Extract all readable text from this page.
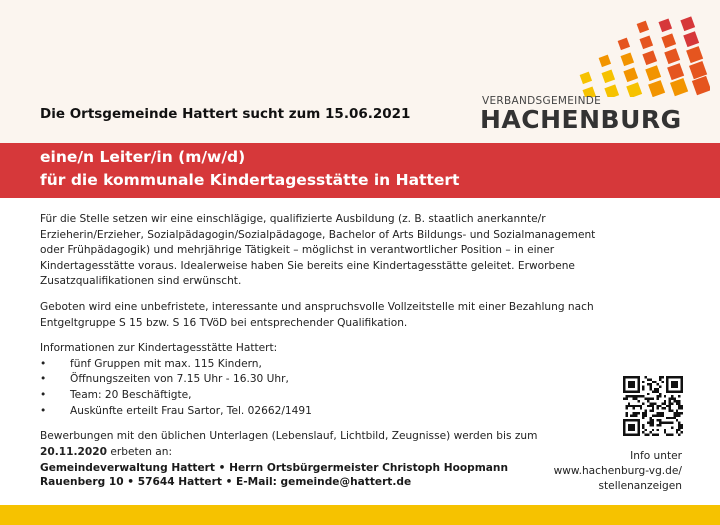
Die Ortsgemeinde Hattert sucht zum 15.06.2021
VERBANDSGEMEINDE
HACHENBURG
eine/n Leiter/in (m/w/d)
für die kommunale Kindertagesstätte in Hattert

Für die Stelle setzen wir eine einschlägige, qualifizierte Ausbildung (z. B. staatlich anerkannte/r Erzieherin/Erzieher, Sozialpädagogin/Sozialpädagoge, Bachelor of Arts Bildungs- und Sozialmanagement oder Frühpädagogik) und mehrjährige Tätigkeit – möglichst in verantwortlicher Position – in einer Kindertagesstätte voraus. Idealerweise haben Sie bereits eine Kindertagesstätte geleitet. Erworbene Zusatzqualifikationen sind erwünscht.

Geboten wird eine unbefristete, interessante und anspruchsvolle Vollzeitstelle mit einer Bezahlung nach Entgeltgruppe S 15 bzw. S 16 TVöD bei entsprechender Qualifikation.

Informationen zur Kindertagesstätte Hattert:
• fünf Gruppen mit max. 115 Kindern,
• Öffnungszeiten von 7.15 Uhr - 16.30 Uhr,
• Team: 20 Beschäftigte,
• Auskünfte erteilt Frau Sartor, Tel. 02662/1491

Bewerbungen mit den üblichen Unterlagen (Lebenslauf, Lichtbild, Zeugnisse) werden bis zum 20.11.2020 erbeten an:

Gemeindeverwaltung Hattert • Herrn Ortsbürgermeister Christoph Hoopmann
Rauenberg 10 • 57644 Hattert • E-Mail: gemeinde@hattert.de
Info unter
www.hachenburg-vg.de/
stellenanzeigen
